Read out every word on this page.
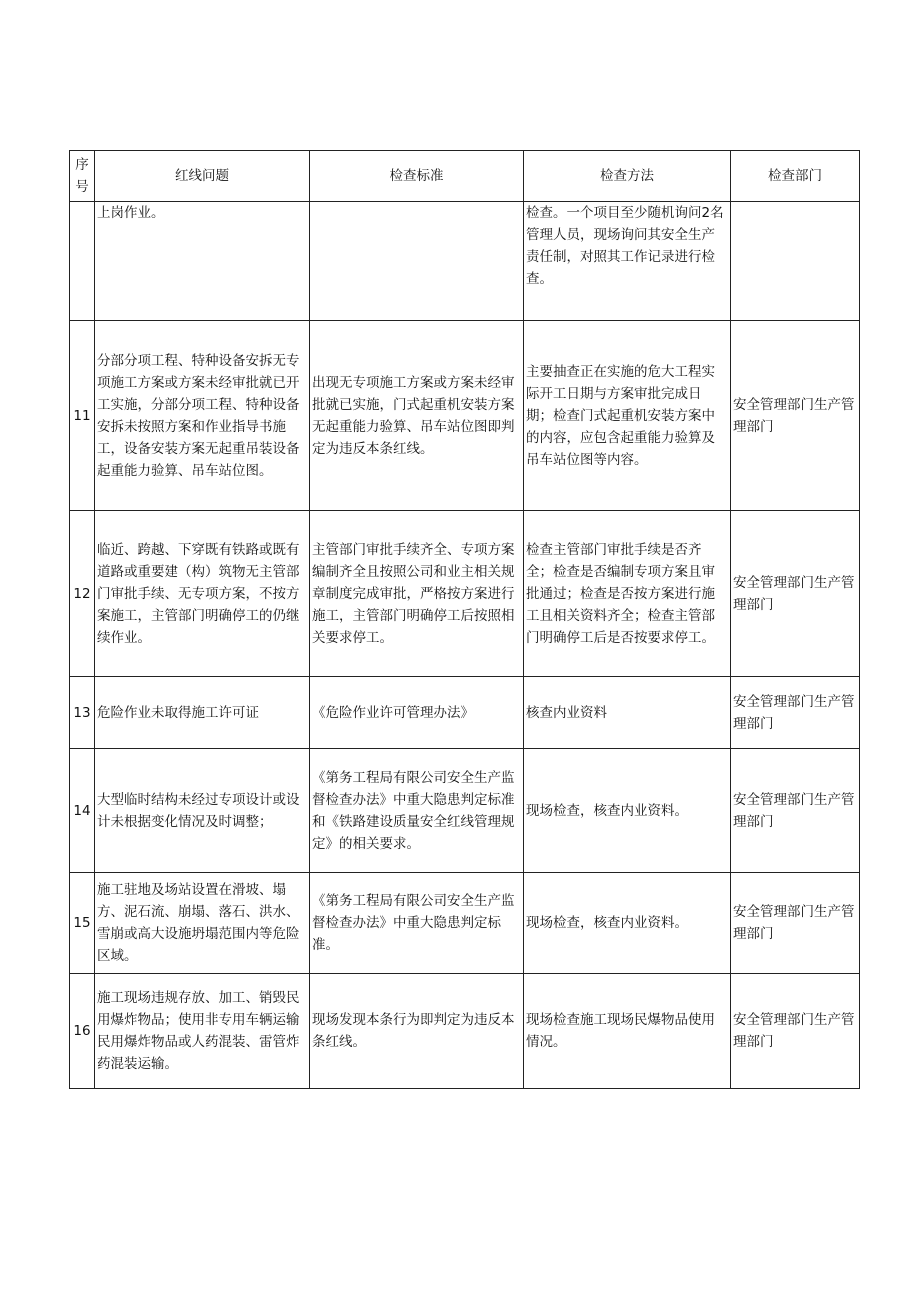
序号	红线问题	检查标准	检查方法	检查部门
	上岗作业。		检查。一个项目至少随机询问2名管理人员，现场询问其安全生产责任制，对照其工作记录进行检查。	
11	分部分项工程、特种设备安拆无专项施工方案或方案未经审批就已开工实施，分部分项工程、特种设备安拆未按照方案和作业指导书施工，设备安装方案无起重吊装设备起重能力验算、吊车站位图。	出现无专项施工方案或方案未经审批就已实施，门式起重机安装方案无起重能力验算、吊车站位图即判定为违反本条红线。	主要抽查正在实施的危大工程实际开工日期与方案审批完成日期；检查门式起重机安装方案中的内容，应包含起重能力验算及吊车站位图等内容。	安全管理部门生产管理部门
12	临近、跨越、下穿既有铁路或既有道路或重要建（构）筑物无主管部门审批手续、无专项方案，不按方案施工，主管部门明确停工的仍继续作业。	主管部门审批手续齐全、专项方案编制齐全且按照公司和业主相关规章制度完成审批，严格按方案进行施工，主管部门明确停工后按照相关要求停工。	检查主管部门审批手续是否齐全；检查是否编制专项方案且审批通过；检查是否按方案进行施工且相关资料齐全；检查主管部门明确停工后是否按要求停工。	安全管理部门生产管理部门
13	危险作业未取得施工许可证	《危险作业许可管理办法》	核查内业资料	安全管理部门生产管理部门
14	大型临时结构未经过专项设计或设计未根据变化情况及时调整；	《第务工程局有限公司安全生产监督检查办法》中重大隐患判定标准和《铁路建设质量安全红线管理规定》的相关要求。	现场检查，核查内业资料。	安全管理部门生产管理部门
15	施工驻地及场站设置在滑坡、塌方、泥石流、崩塌、落石、洪水、雪崩或高大设施坍塌范围内等危险区域。	《第务工程局有限公司安全生产监督检查办法》中重大隐患判定标准。	现场检查，核查内业资料。	安全管理部门生产管理部门
16	施工现场违规存放、加工、销毁民用爆炸物品；使用非专用车辆运输民用爆炸物品或人药混装、雷管炸药混装运输。	现场发现本条行为即判定为违反本条红线。	现场检查施工现场民爆物品使用情况。	安全管理部门生产管理部门
